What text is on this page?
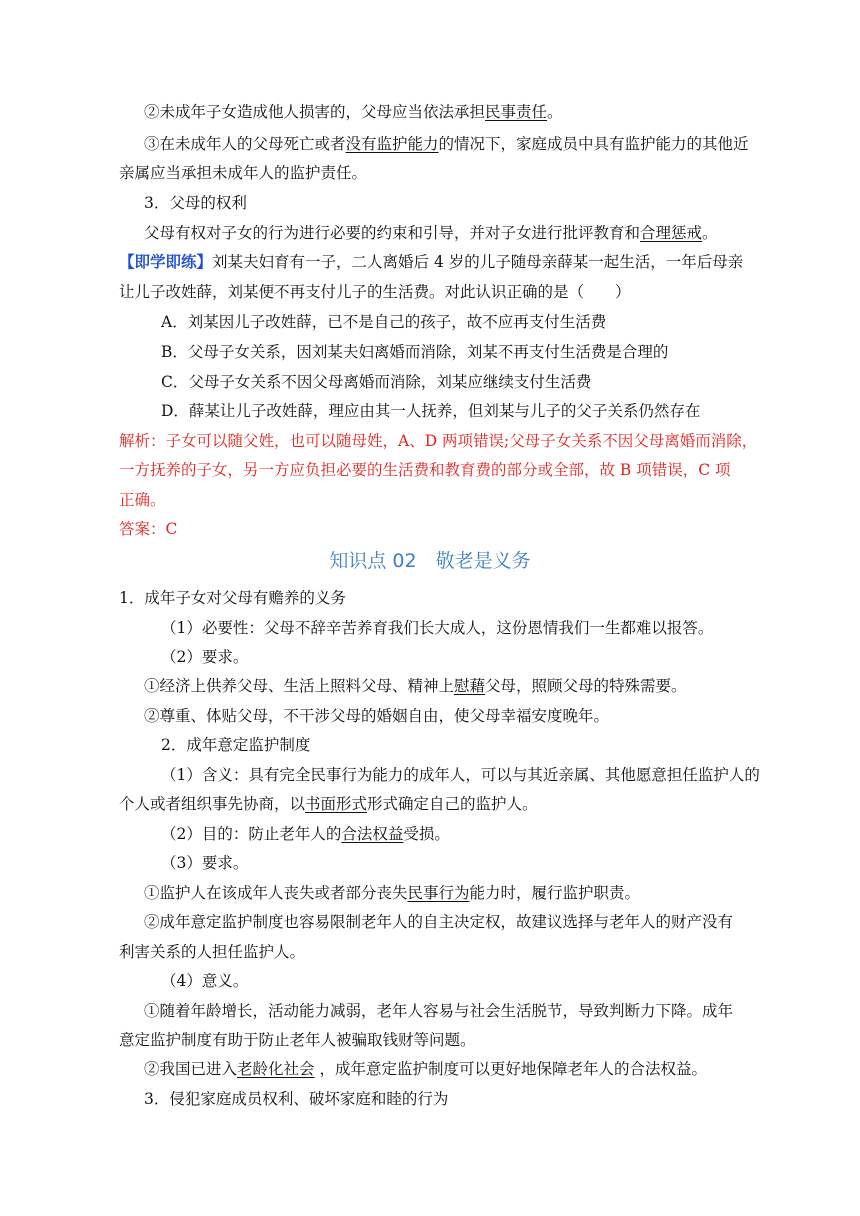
②未成年子女造成他人损害的，父母应当依法承担民事责任。
③在未成年人的父母死亡或者没有监护能力的情况下，家庭成员中具有监护能力的其他近
亲属应当承担未成年人的监护责任。
3．父母的权利
父母有权对子女的行为进行必要的约束和引导，并对子女进行批评教育和合理惩戒。
【即学即练】刘某夫妇育有一子，二人离婚后 4 岁的儿子随母亲薛某一起生活，一年后母亲
让儿子改姓薛，刘某便不再支付儿子的生活费。对此认识正确的是（　　）
A．刘某因儿子改姓薛，已不是自己的孩子，故不应再支付生活费
B．父母子女关系，因刘某夫妇离婚而消除，刘某不再支付生活费是合理的
C．父母子女关系不因父母离婚而消除，刘某应继续支付生活费
D．薛某让儿子改姓薛，理应由其一人抚养，但刘某与儿子的父子关系仍然存在
解析：子女可以随父姓，也可以随母姓，A、D 两项错误;父母子女关系不因父母离婚而消除，
一方抚养的子女，另一方应负担必要的生活费和教育费的部分或全部，故 B 项错误，C 项
正确。
答案：C
知识点 02　敬老是义务
1．成年子女对父母有赡养的义务
（1）必要性：父母不辞辛苦养育我们长大成人，这份恩情我们一生都难以报答。
（2）要求。
①经济上供养父母、生活上照料父母、精神上慰藉父母，照顾父母的特殊需要。
②尊重、体贴父母，不干涉父母的婚姻自由，使父母幸福安度晚年。
2．成年意定监护制度
（1）含义：具有完全民事行为能力的成年人，可以与其近亲属、其他愿意担任监护人的
个人或者组织事先协商，以书面形式形式确定自己的监护人。
（2）目的：防止老年人的合法权益受损。
（3）要求。
①监护人在该成年人丧失或者部分丧失民事行为能力时，履行监护职责。
②成年意定监护制度也容易限制老年人的自主决定权，故建议选择与老年人的财产没有
利害关系的人担任监护人。
（4）意义。
①随着年龄增长，活动能力减弱，老年人容易与社会生活脱节，导致判断力下降。成年
意定监护制度有助于防止老年人被骗取钱财等问题。
②我国已进入老龄化社会 ，成年意定监护制度可以更好地保障老年人的合法权益。
3．侵犯家庭成员权利、破坏家庭和睦的行为
